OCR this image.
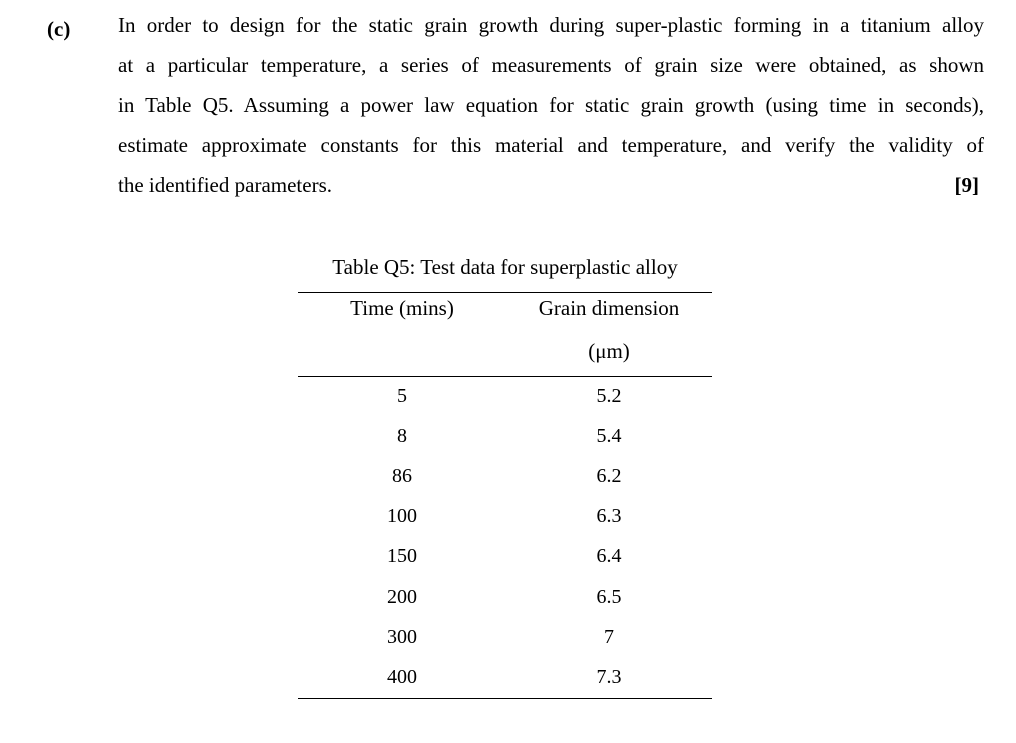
(c) In order to design for the static grain growth during super-plastic forming in a titanium alloy
at a particular temperature, a series of measurements of grain size were obtained, as shown
in Table Q5. Assuming a power law equation for static grain growth (using time in seconds),
estimate approximate constants for this material and temperature, and verify the validity of
the identified parameters.	[9]
Table Q5: Test data for superplastic alloy
Time (mins)	Grain dimension
(μm)
5	5.2
8	5.4
86	6.2
100	6.3
150	6.4
200	6.5
300	7
400	7.3
